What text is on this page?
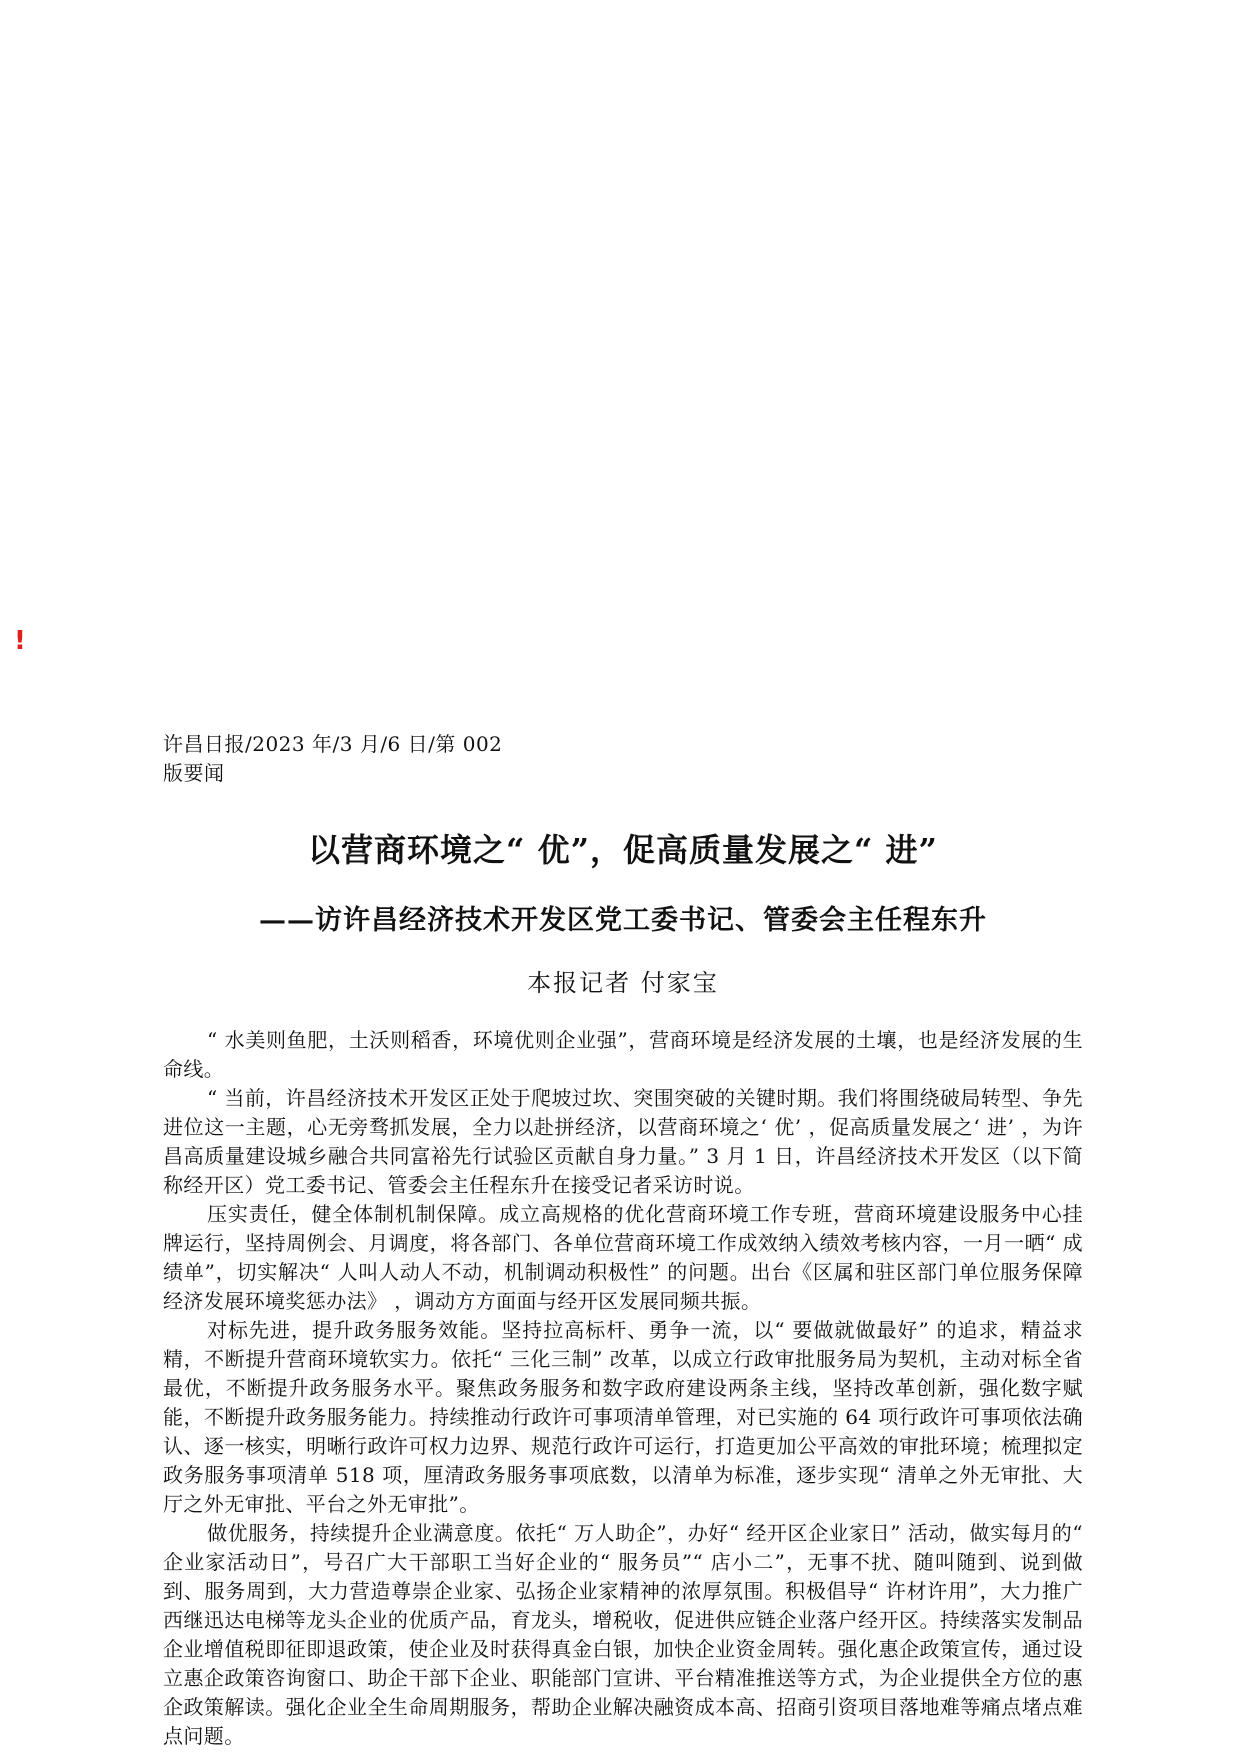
!
许昌日报/2023 年/3 月/6 日/第 002
版要闻
以营商环境之“ 优”，促高质量发展之“ 进”
——访许昌经济技术开发区党工委书记、管委会主任程东升
本报记者 付家宝

“ 水美则鱼肥，土沃则稻香，环境优则企业强”，营商环境是经济发展的土壤，也是经济发展的生命线。

“ 当前，许昌经济技术开发区正处于爬坡过坎、突围突破的关键时期。我们将围绕破局转型、争先进位这一主题，心无旁骛抓发展，全力以赴拼经济，以营商环境之‘ 优’ ，促高质量发展之‘ 进’ ，为许昌高质量建设城乡融合共同富裕先行试验区贡献自身力量。” 3 月 1 日，许昌经济技术开发区（以下简称经开区）党工委书记、管委会主任程东升在接受记者采访时说。

压实责任，健全体制机制保障。成立高规格的优化营商环境工作专班，营商环境建设服务中心挂牌运行，坚持周例会、月调度，将各部门、各单位营商环境工作成效纳入绩效考核内容，一月一晒“ 成绩单”，切实解决“ 人叫人动人不动，机制调动积极性” 的问题。出台《区属和驻区部门单位服务保障经济发展环境奖惩办法》 ，调动方方面面与经开区发展同频共振。

对标先进，提升政务服务效能。坚持拉高标杆、勇争一流，以“ 要做就做最好” 的追求，精益求精，不断提升营商环境软实力。依托“ 三化三制” 改革，以成立行政审批服务局为契机，主动对标全省最优，不断提升政务服务水平。聚焦政务服务和数字政府建设两条主线，坚持改革创新，强化数字赋能，不断提升政务服务能力。持续推动行政许可事项清单管理，对已实施的 64 项行政许可事项依法确认、逐一核实，明晰行政许可权力边界、规范行政许可运行，打造更加公平高效的审批环境；梳理拟定政务服务事项清单 518 项，厘清政务服务事项底数，以清单为标准，逐步实现“ 清单之外无审批、大厅之外无审批、平台之外无审批”。

做优服务，持续提升企业满意度。依托“ 万人助企”，办好“ 经开区企业家日” 活动，做实每月的“ 企业家活动日”，号召广大干部职工当好企业的“ 服务员”“ 店小二”，无事不扰、随叫随到、说到做到、服务周到，大力营造尊崇企业家、弘扬企业家精神的浓厚氛围。积极倡导“ 许材许用”，大力推广西继迅达电梯等龙头企业的优质产品，育龙头，增税收，促进供应链企业落户经开区。持续落实发制品企业增值税即征即退政策，使企业及时获得真金白银，加快企业资金周转。强化惠企政策宣传，通过设立惠企政策咨询窗口、助企干部下企业、职能部门宣讲、平台精准推送等方式，为企业提供全方位的惠企政策解读。强化企业全生命周期服务，帮助企业解决融资成本高、招商引资项目落地难等痛点堵点难点问题。
